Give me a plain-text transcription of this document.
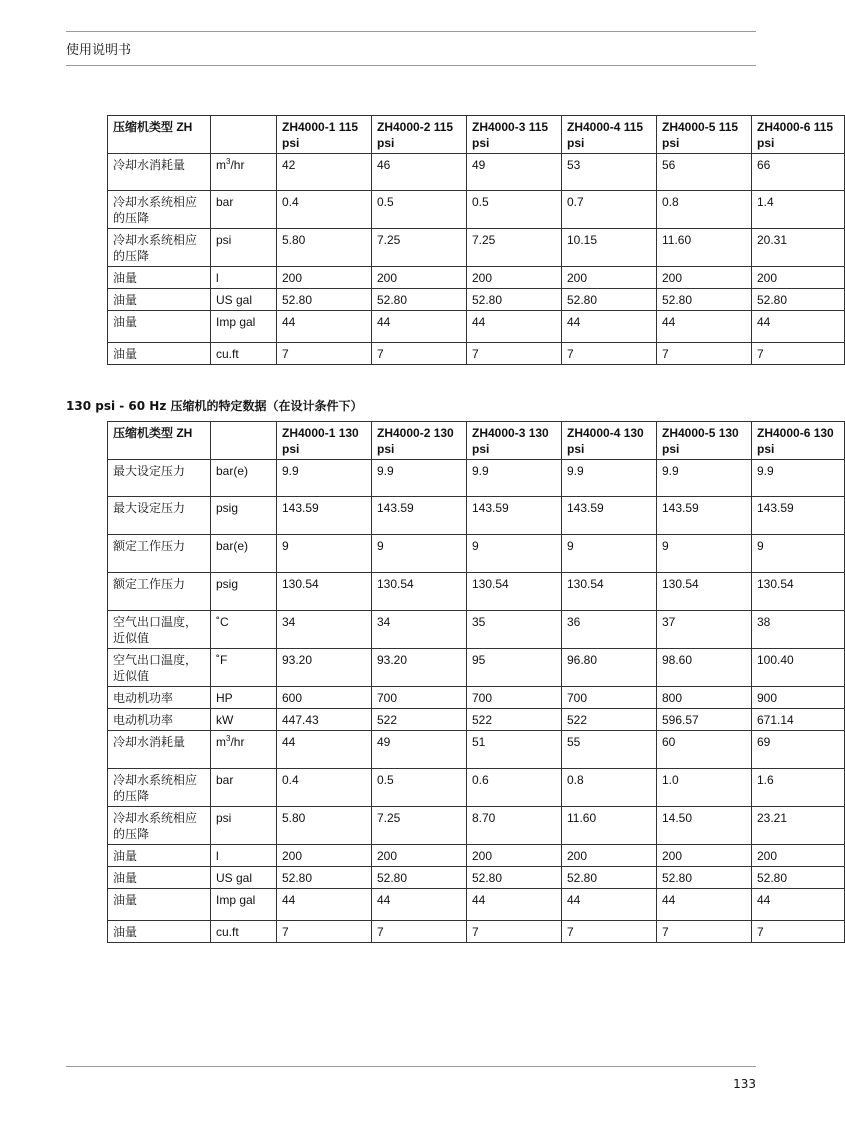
使用说明书
压缩机类型 ZH		ZH4000-1 115 psi	ZH4000-2 115 psi	ZH4000-3 115 psi	ZH4000-4 115 psi	ZH4000-5 115 psi	ZH4000-6 115 psi
冷却水消耗量	$m^3/hr$	42	46	49	53	56	66
冷却水系统相应的压降	bar	0.4	0.5	0.5	0.7	0.8	1.4
冷却水系统相应的压降	psi	5.80	7.25	7.25	10.15	11.60	20.31
油量	l	200	200	200	200	200	200
油量	US gal	52.80	52.80	52.80	52.80	52.80	52.80
油量	Imp gal	44	44	44	44	44	44
油量	cu.ft	7	7	7	7	7	7
130 psi - 60 Hz 压缩机的特定数据（在设计条件下）
压缩机类型 ZH		ZH4000-1 130 psi	ZH4000-2 130 psi	ZH4000-3 130 psi	ZH4000-4 130 psi	ZH4000-5 130 psi	ZH4000-6 130 psi
最大设定压力	bar(e)	9.9	9.9	9.9	9.9	9.9	9.9
最大设定压力	psig	143.59	143.59	143.59	143.59	143.59	143.59
额定工作压力	bar(e)	9	9	9	9	9	9
额定工作压力	psig	130.54	130.54	130.54	130.54	130.54	130.54
空气出口温度，近似值	˚C	34	34	35	36	37	38
空气出口温度，近似值	˚F	93.20	93.20	95	96.80	98.60	100.40
电动机功率	HP	600	700	700	700	800	900
电动机功率	kW	447.43	522	522	522	596.57	671.14
冷却水消耗量	$m^3/hr$	44	49	51	55	60	69
冷却水系统相应的压降	bar	0.4	0.5	0.6	0.8	1.0	1.6
冷却水系统相应的压降	psi	5.80	7.25	8.70	11.60	14.50	23.21
油量	l	200	200	200	200	200	200
油量	US gal	52.80	52.80	52.80	52.80	52.80	52.80
油量	Imp gal	44	44	44	44	44	44
油量	cu.ft	7	7	7	7	7	7
133
